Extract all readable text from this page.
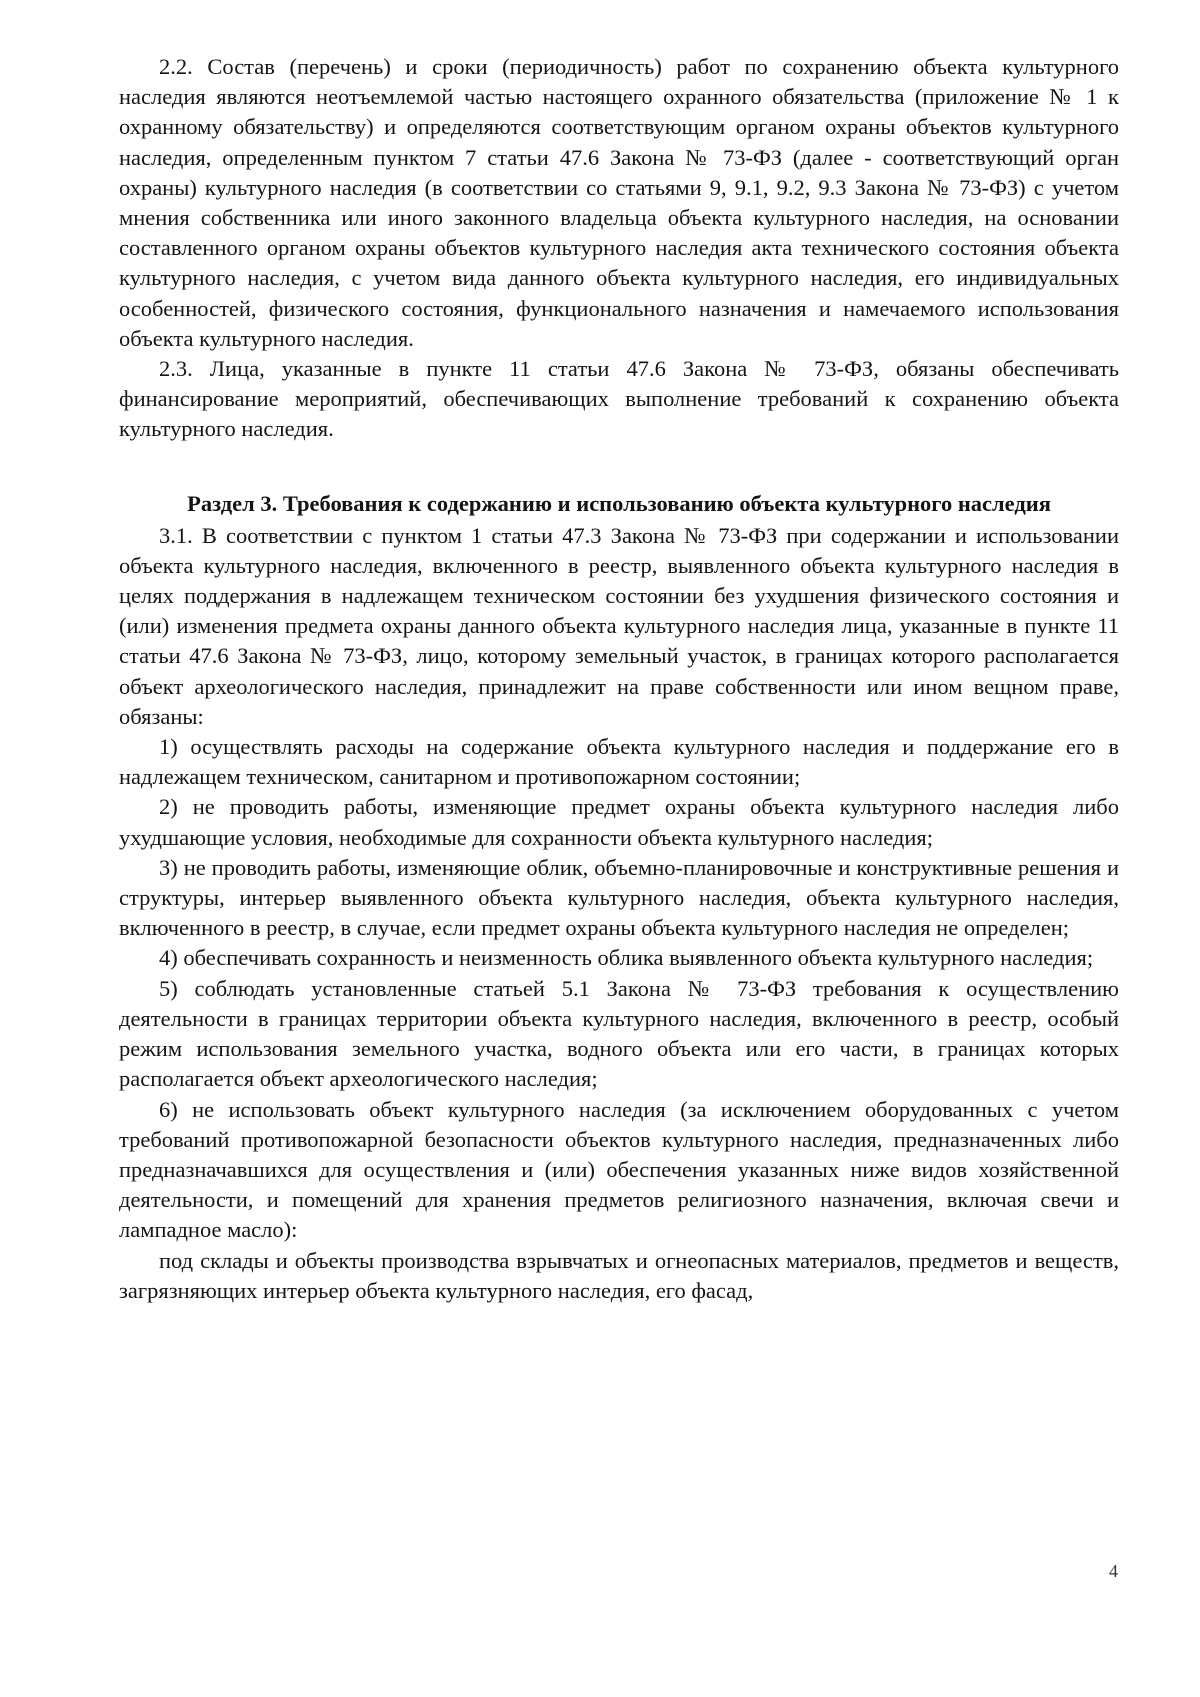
2.2. Состав (перечень) и сроки (периодичность) работ по сохранению объекта культурного наследия являются неотъемлемой частью настоящего охранного обязательства (приложение № 1 к охранному обязательству) и определяются соответствующим органом охраны объектов культурного наследия, определенным пунктом 7 статьи 47.6 Закона № 73-ФЗ (далее - соответствующий орган охраны) культурного наследия (в соответствии со статьями 9, 9.1, 9.2, 9.3 Закона № 73-ФЗ) с учетом мнения собственника или иного законного владельца объекта культурного наследия, на основании составленного органом охраны объектов культурного наследия акта технического состояния объекта культурного наследия, с учетом вида данного объекта культурного наследия, его индивидуальных особенностей, физического состояния, функционального назначения и намечаемого использования объекта культурного наследия.

2.3. Лица, указанные в пункте 11 статьи 47.6 Закона № 73-ФЗ, обязаны обеспечивать финансирование мероприятий, обеспечивающих выполнение требований к сохранению объекта культурного наследия.

Раздел 3. Требования к содержанию и использованию объекта культурного наследия

3.1. В соответствии с пунктом 1 статьи 47.3 Закона № 73-ФЗ при содержании и использовании объекта культурного наследия, включенного в реестр, выявленного объекта культурного наследия в целях поддержания в надлежащем техническом состоянии без ухудшения физического состояния и (или) изменения предмета охраны данного объекта культурного наследия лица, указанные в пункте 11 статьи 47.6 Закона № 73-ФЗ, лицо, которому земельный участок, в границах которого располагается объект археологического наследия, принадлежит на праве собственности или ином вещном праве, обязаны:

1) осуществлять расходы на содержание объекта культурного наследия и поддержание его в надлежащем техническом, санитарном и противопожарном состоянии;

2) не проводить работы, изменяющие предмет охраны объекта культурного наследия либо ухудшающие условия, необходимые для сохранности объекта культурного наследия;

3) не проводить работы, изменяющие облик, объемно-планировочные и конструктивные решения и структуры, интерьер выявленного объекта культурного наследия, объекта культурного наследия, включенного в реестр, в случае, если предмет охраны объекта культурного наследия не определен;

4) обеспечивать сохранность и неизменность облика выявленного объекта культурного наследия;

5) соблюдать установленные статьей 5.1 Закона № 73-ФЗ требования к осуществлению деятельности в границах территории объекта культурного наследия, включенного в реестр, особый режим использования земельного участка, водного объекта или его части, в границах которых располагается объект археологического наследия;

6) не использовать объект культурного наследия (за исключением оборудованных с учетом требований противопожарной безопасности объектов культурного наследия, предназначенных либо предназначавшихся для осуществления и (или) обеспечения указанных ниже видов хозяйственной деятельности, и помещений для хранения предметов религиозного назначения, включая свечи и лампадное масло):

под склады и объекты производства взрывчатых и огнеопасных материалов, предметов и веществ, загрязняющих интерьер объекта культурного наследия, его фасад,

4
